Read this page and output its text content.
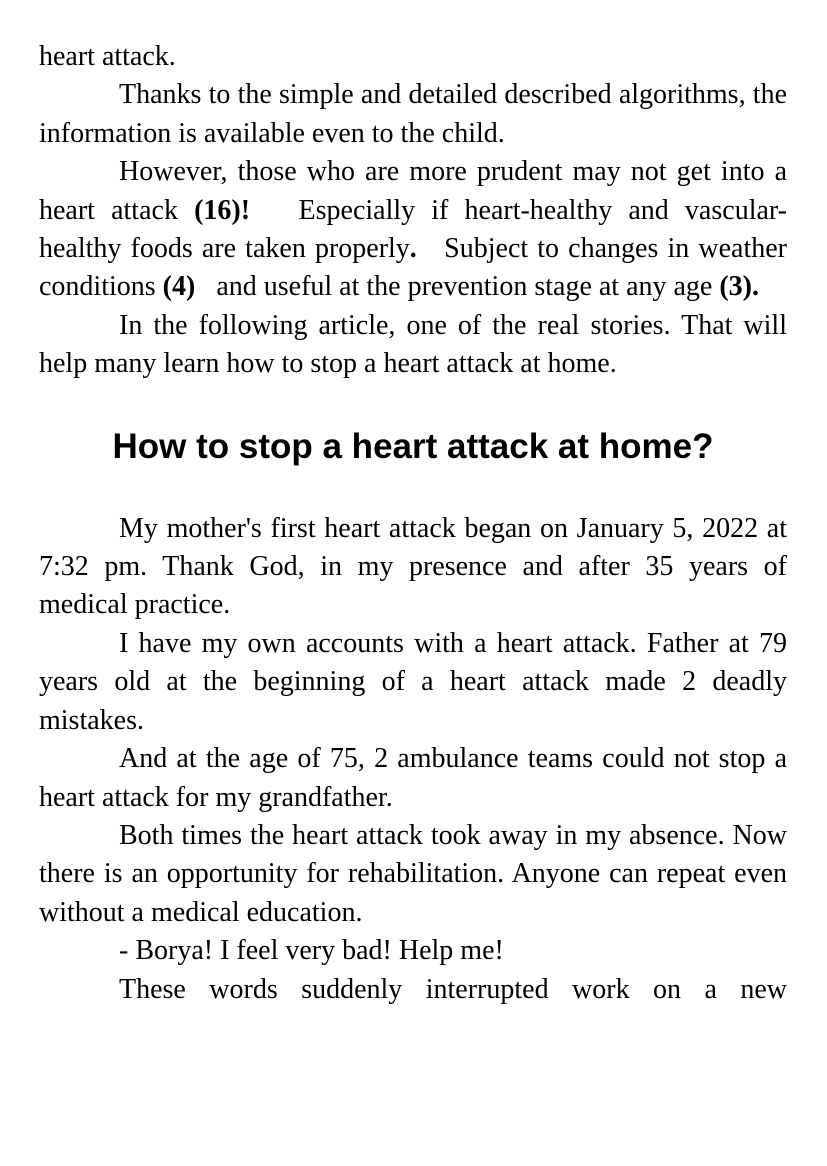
heart attack.

Thanks to the simple and detailed described algorithms, the information is available even to the child.

However, those who are more prudent may not get into a heart attack (16)!   Especially if heart-healthy and vascular-healthy foods are taken properly.   Subject to changes in weather conditions (4)   and useful at the prevention stage at any age (3).

In the following article, one of the real stories. That will help many learn how to stop a heart attack at home.

How to stop a heart attack at home?

My mother's first heart attack began on January 5, 2022 at 7:32 pm. Thank God, in my presence and after 35 years of medical practice.

I have my own accounts with a heart attack. Father at 79 years old at the beginning of a heart attack made 2 deadly mistakes.

And at the age of 75, 2 ambulance teams could not stop a heart attack for my grandfather.

Both times the heart attack took away in my absence. Now there is an opportunity for rehabilitation. Anyone can repeat even without a medical education.

- Borya! I feel very bad! Help me!

These words suddenly interrupted work on a new
